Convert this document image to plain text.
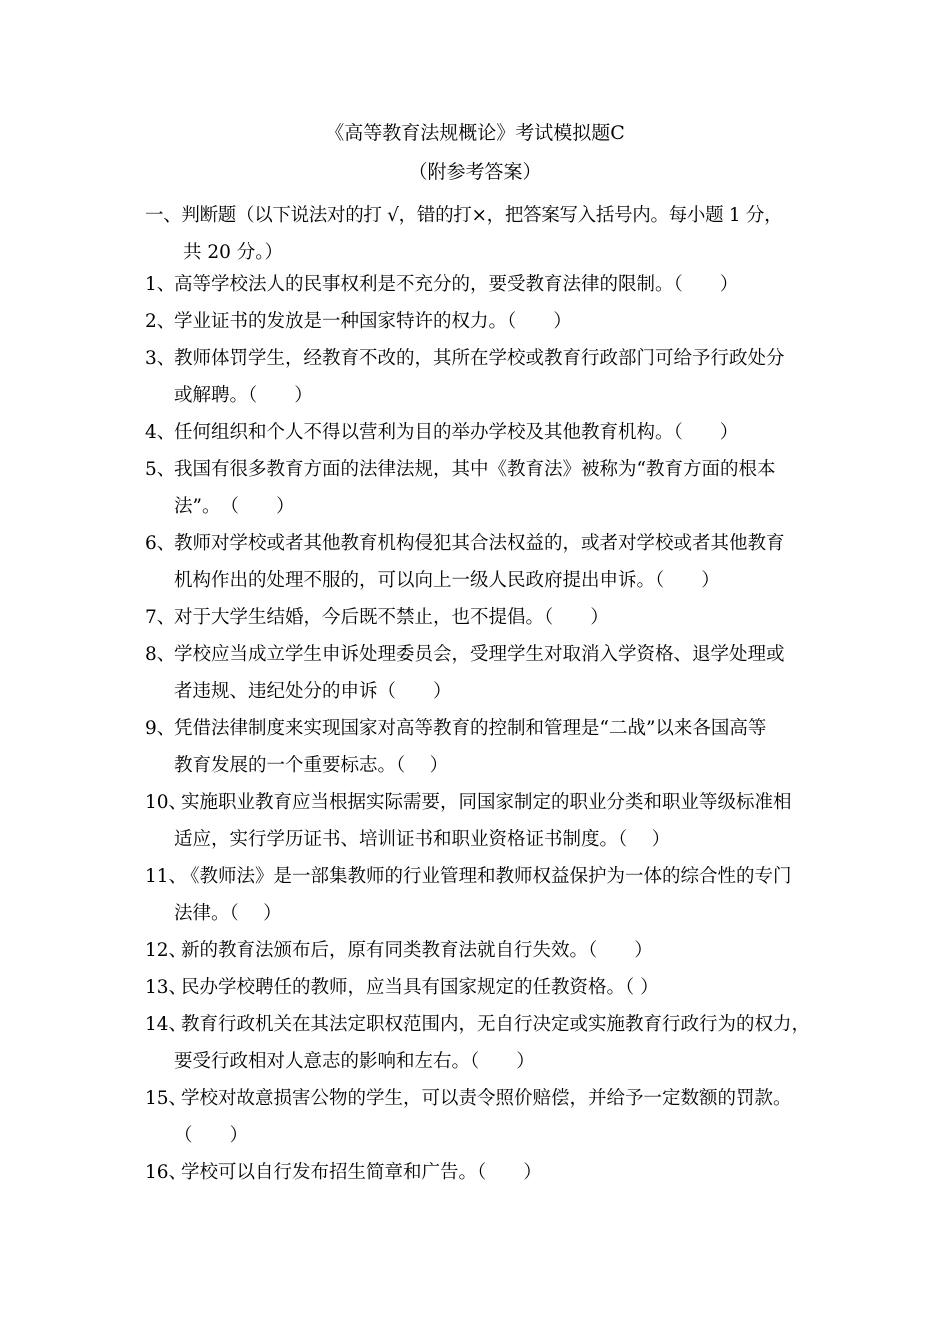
《高等教育法规概论》考试模拟题C
（附参考答案）
一、判断题（以下说法对的打 √，错的打×，把答案写入括号内。每小题 1 分，
共 20 分。）
1、
高等学校法人的民事权利是不充分的，要受教育法律的限制。（　　）
2、
学业证书的发放是一种国家特许的权力。（　　）
3、
教师体罚学生，经教育不改的，其所在学校或教育行政部门可给予行政处分
或解聘。（　　）
4、
任何组织和个人不得以营利为目的举办学校及其他教育机构。（　　）
5、
我国有很多教育方面的法律法规，其中《教育法》被称为“教育方面的根本
法”。　（　　）
6、
教师对学校或者其他教育机构侵犯其合法权益的，或者对学校或者其他教育
机构作出的处理不服的，可以向上一级人民政府提出申诉。（　　）
7、
对于大学生结婚，今后既不禁止，也不提倡。（　　）
8、
学校应当成立学生申诉处理委员会，受理学生对取消入学资格、退学处理或
者违规、违纪处分的申诉（　　）
9、
凭借法律制度来实现国家对高等教育的控制和管理是“二战”以来各国高等
教育发展的一个重要标志。（　 ）
10、
实施职业教育应当根据实际需要，同国家制定的职业分类和职业等级标准相
适应，实行学历证书、培训证书和职业资格证书制度。（　 ）
11、
《教师法》是一部集教师的行业管理和教师权益保护为一体的综合性的专门
法律。（　 ）
12、
新的教育法颁布后，原有同类教育法就自行失效。（　　）
13、
民办学校聘任的教师，应当具有国家规定的任教资格。（ ）
14、
教育行政机关在其法定职权范围内，无自行决定或实施教育行政行为的权力，
要受行政相对人意志的影响和左右。（　　）
15、
学校对故意损害公物的学生，可以责令照价赔偿，并给予一定数额的罚款。
（　　）
16、
学校可以自行发布招生简章和广告。（　　）
